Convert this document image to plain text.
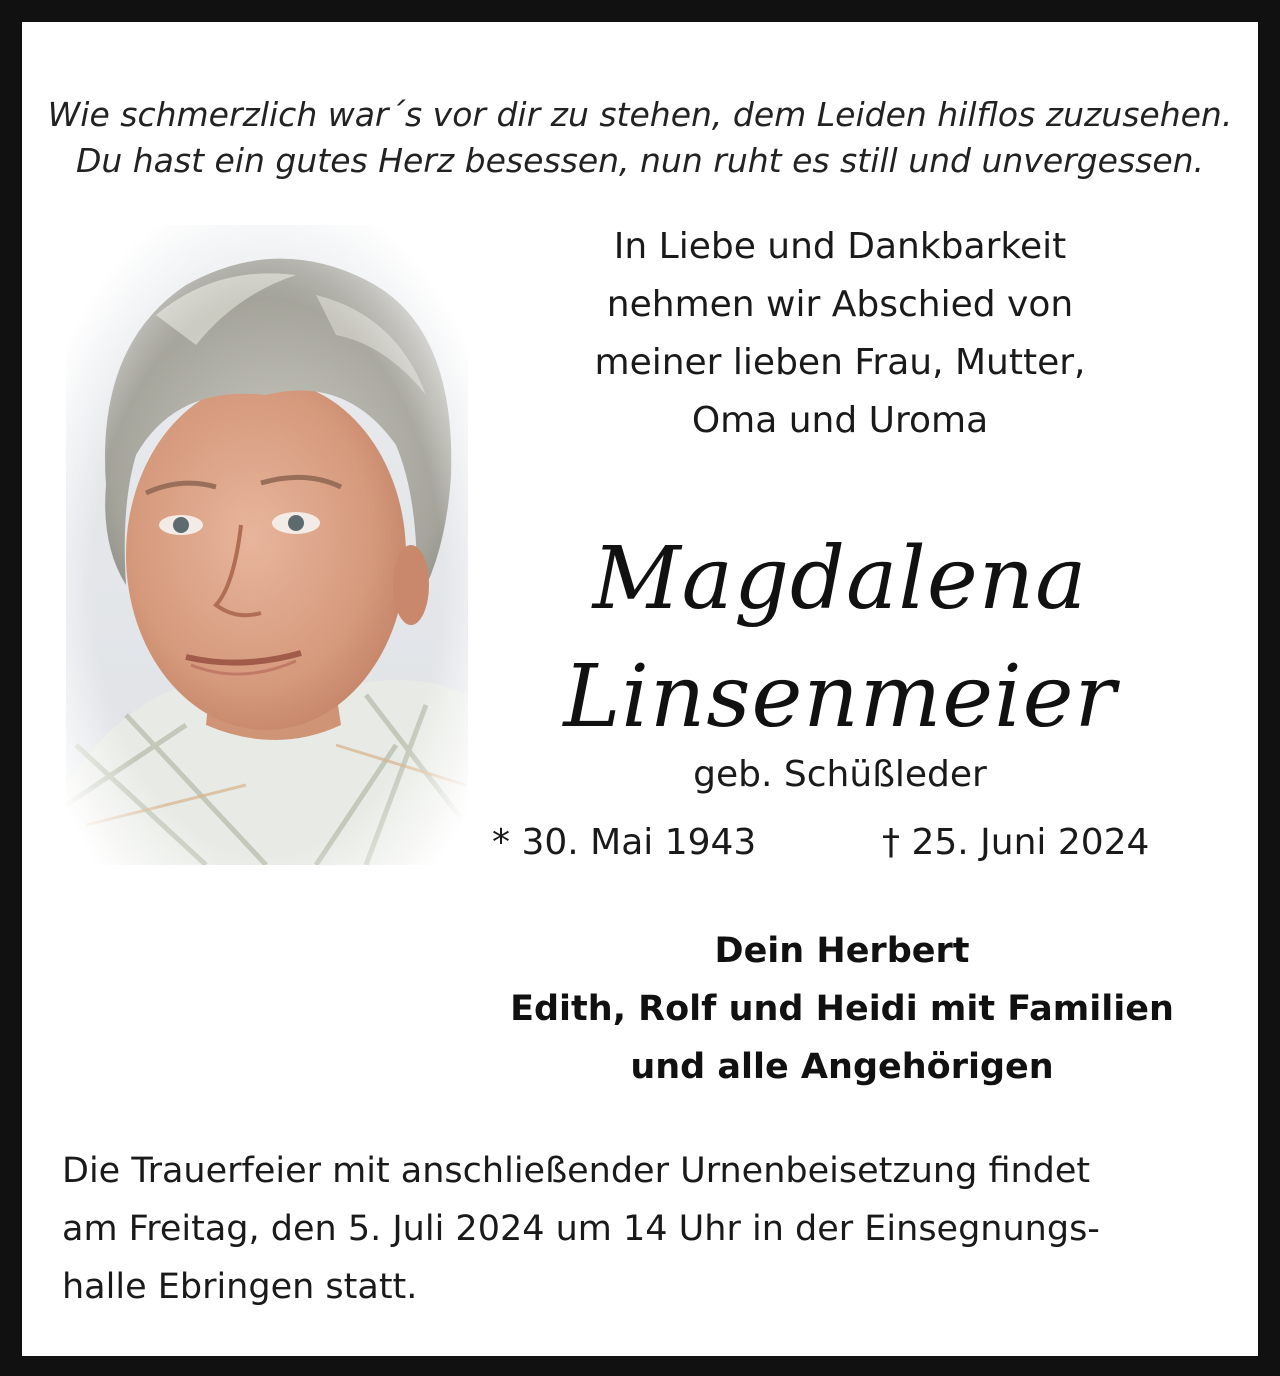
Wie schmerzlich war´s vor dir zu stehen, dem Leiden hilflos zuzusehen.
Du hast ein gutes Herz besessen, nun ruht es still und unvergessen.
In Liebe und Dankbarkeit
nehmen wir Abschied von
meiner lieben Frau, Mutter,
Oma und Uroma
Magdalena
Linsenmeier
geb. Schüßleder
* 30. Mai 1943	† 25. Juni 2024
Dein Herbert
Edith, Rolf und Heidi mit Familien
und alle Angehörigen
Die Trauerfeier mit anschließender Urnenbeisetzung findet
am Freitag, den 5. Juli 2024 um 14 Uhr in der Einsegnungs-
halle Ebringen statt.
